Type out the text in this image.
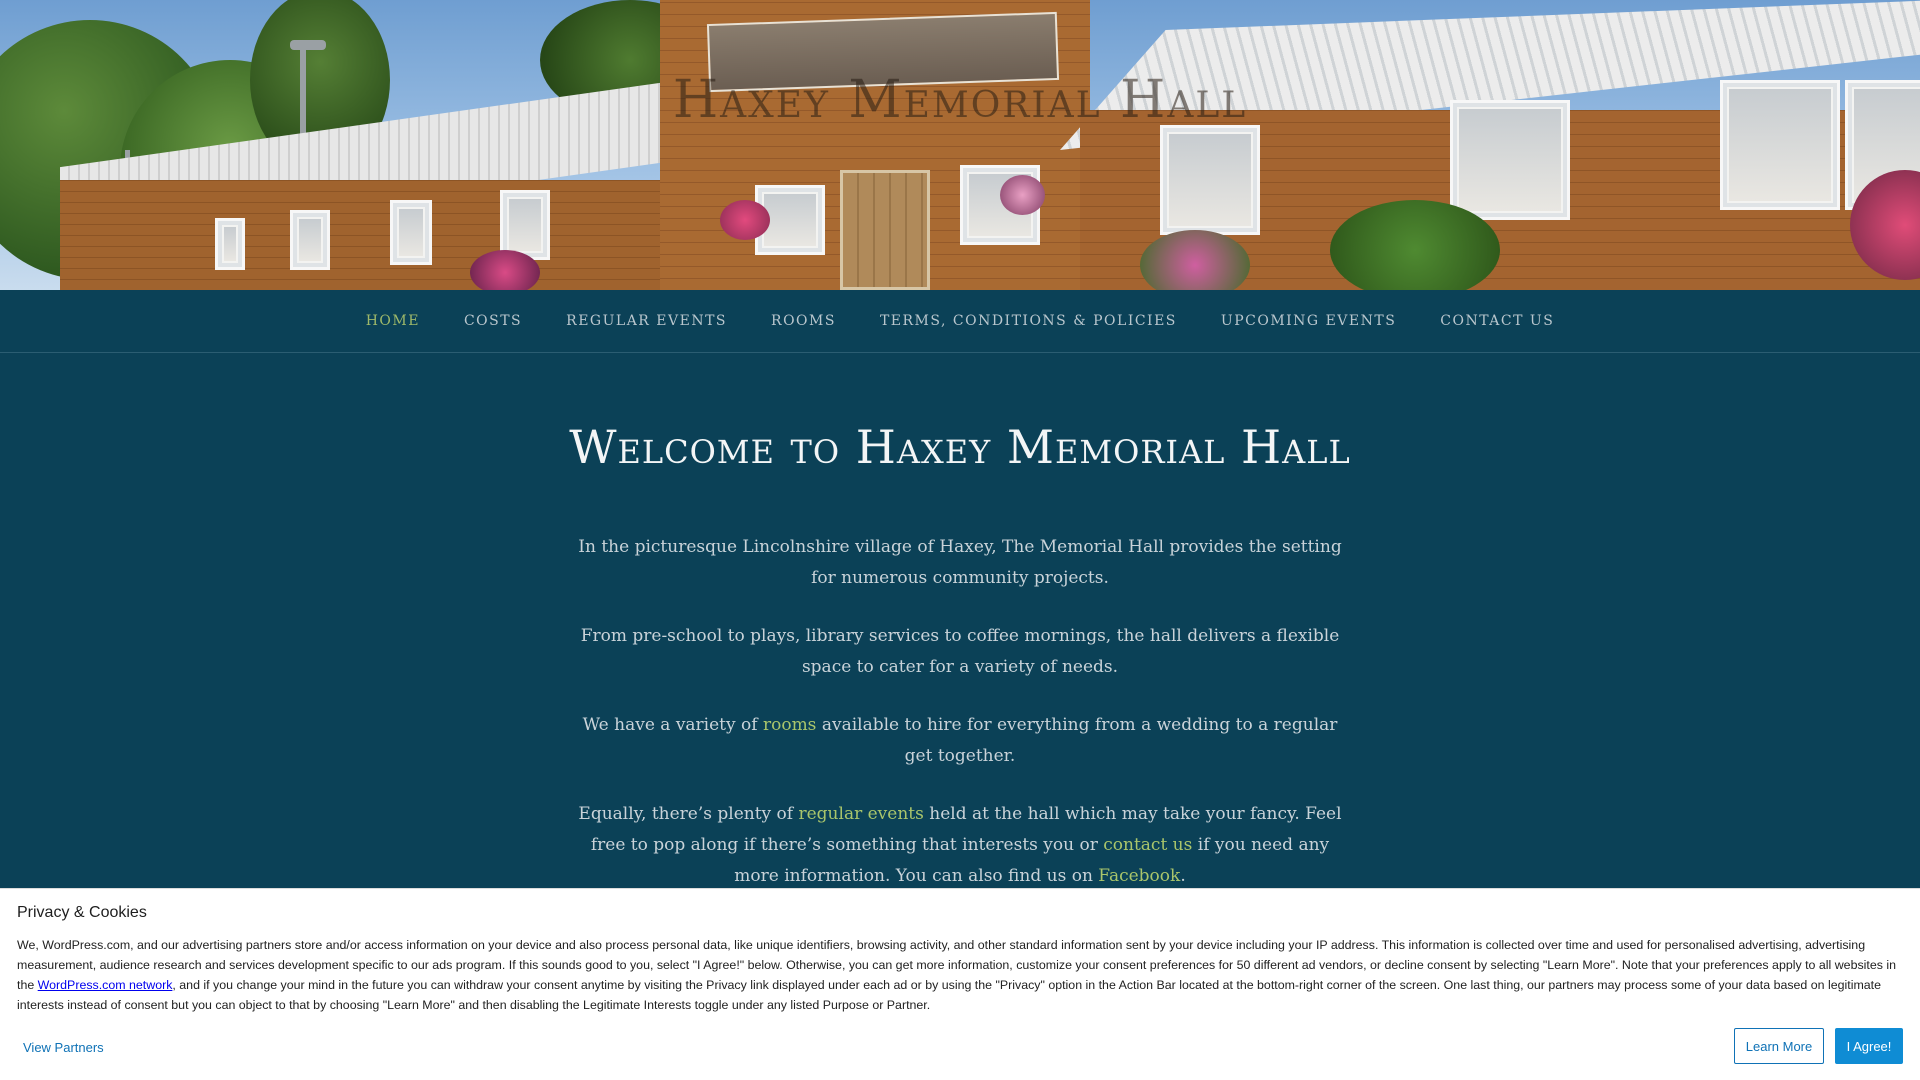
Haxey Memorial Hall
HOME	COSTS	REGULAR EVENTS	ROOMS	TERMS, CONDITIONS & POLICIES	UPCOMING EVENTS	CONTACT US
Welcome to Haxey Memorial Hall

In the picturesque Lincolnshire village of Haxey, The Memorial Hall provides the setting for numerous community projects.

From pre-school to plays, library services to coffee mornings, the hall delivers a flexible space to cater for a variety of needs.

We have a variety of rooms available to hire for everything from a wedding to a regular get together.

Equally, there’s plenty of regular events held at the hall which may take your fancy. Feel free to pop along if there’s something that interests you or contact us if you need any more information. You can also find us on Facebook.

Privacy & Cookies
We, WordPress.com, and our advertising partners store and/or access information on your device and also process personal data, like unique identifiers, browsing activity, and other standard information sent by your device including your IP address. This information is collected over time and used for personalised advertising, advertising measurement, audience research and services development specific to our ads program. If this sounds good to you, select "I Agree!" below. Otherwise, you can get more information, customize your consent preferences for 50 different ad vendors, or decline consent by selecting "Learn More". Note that your preferences apply to all websites in the WordPress.com network, and if you change your mind in the future you can withdraw your consent anytime by visiting the Privacy link displayed under each ad or by using the "Privacy" option in the Action Bar located at the bottom-right corner of the screen. One last thing, our partners may process some of your data based on legitimate interests instead of consent but you can object to that by choosing "Learn More" and then disabling the Legitimate Interests toggle under any listed Purpose or Partner.
View Partners	Learn More	I Agree!
